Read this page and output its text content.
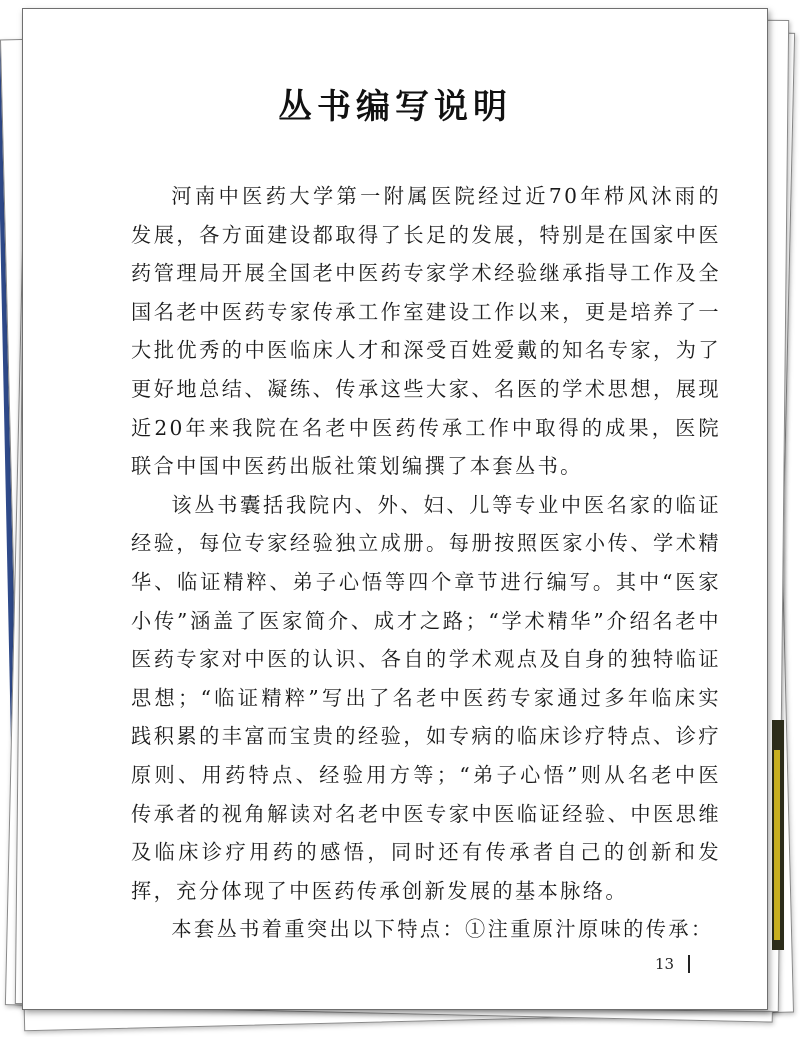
丛书编写说明

河南中医药大学第一附属医院经过近70年栉风沐雨的发展，各方面建设都取得了长足的发展，特别是在国家中医药管理局开展全国老中医药专家学术经验继承指导工作及全国名老中医药专家传承工作室建设工作以来，更是培养了一大批优秀的中医临床人才和深受百姓爱戴的知名专家，为了更好地总结、凝练、传承这些大家、名医的学术思想，展现近20年来我院在名老中医药传承工作中取得的成果，医院联合中国中医药出版社策划编撰了本套丛书。

该丛书囊括我院内、外、妇、儿等专业中医名家的临证经验，每位专家经验独立成册。每册按照医家小传、学术精华、临证精粹、弟子心悟等四个章节进行编写。其中“医家小传”涵盖了医家简介、成才之路；“学术精华”介绍名老中医药专家对中医的认识、各自的学术观点及自身的独特临证思想；“临证精粹”写出了名老中医药专家通过多年临床实践积累的丰富而宝贵的经验，如专病的临床诊疗特点、诊疗原则、用药特点、经验用方等；“弟子心悟”则从名老中医传承者的视角解读对名老中医专家中医临证经验、中医思维及临床诊疗用药的感悟，同时还有传承者自己的创新和发挥，充分体现了中医药传承创新发展的基本脉络。

本套丛书着重突出以下特点：①注重原汁原味的传承：

13
